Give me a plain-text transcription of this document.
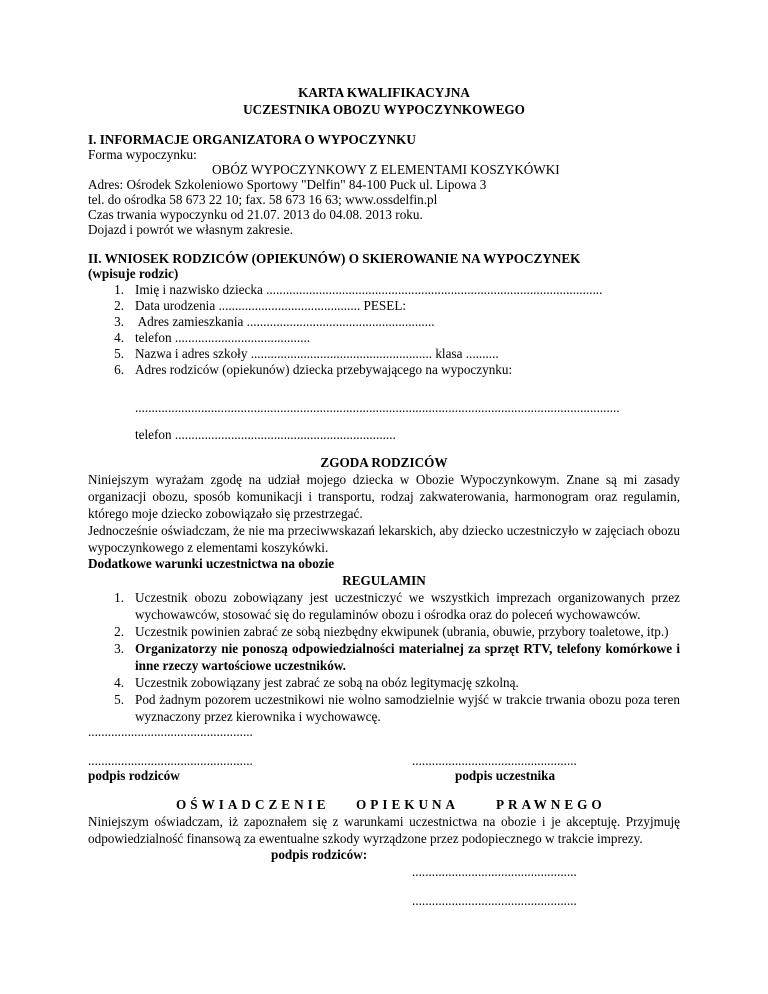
KARTA KWALIFIKACYJNA
UCZESTNIKA OBOZU WYPOCZYNKOWEGO
I. INFORMACJE ORGANIZATORA O WYPOCZYNKU
Forma wypoczynku:
OBÓZ WYPOCZYNKOWY Z ELEMENTAMI KOSZYKÓWKI
Adres: Ośrodek Szkoleniowo Sportowy "Delfin" 84-100 Puck ul. Lipowa 3
tel. do ośrodka 58 673 22 10; fax. 58 673 16 63; www.ossdelfin.pl
Czas trwania wypoczynku od 21.07. 2013 do 04.08. 2013 roku.
Dojazd i powrót we własnym zakresie.
II. WNIOSEK RODZICÓW (OPIEKUNÓW) O SKIEROWANIE NA WYPOCZYNEK
(wpisuje rodzic)
1. Imię i nazwisko dziecka ......................................................................................................
2. Data urodzenia ........................................... PESEL:
3. Adres zamieszkania .........................................................
4. telefon .........................................
5. Nazwa i adres szkoły ....................................................... klasa ..........
6. Adres rodziców (opiekunów) dziecka przebywającego na wypoczynku:
...................................................................................................................................................
telefon ...................................................................
ZGODA RODZICÓW
Niniejszym wyrażam zgodę na udział mojego dziecka w Obozie Wypoczynkowym. Znane są mi zasady organizacji obozu, sposób komunikacji i transportu, rodzaj zakwaterowania, harmonogram oraz regulamin, którego moje dziecko zobowiązało się przestrzegać.
Jednocześnie oświadczam, że nie ma przeciwwskazań lekarskich, aby dziecko uczestniczyło w zajęciach obozu wypoczynkowego z elementami koszykówki.
Dodatkowe warunki uczestnictwa na obozie
REGULAMIN
1. Uczestnik obozu zobowiązany jest uczestniczyć we wszystkich imprezach organizowanych przez wychowawców, stosować się do regulaminów obozu i ośrodka oraz do poleceń wychowawców.
2. Uczestnik powinien zabrać ze sobą niezbędny ekwipunek (ubrania, obuwie, przybory toaletowe, itp.)
3. Organizatorzy nie ponoszą odpowiedzialności materialnej za sprzęt RTV, telefony komórkowe i inne rzeczy wartościowe uczestników.
4. Uczestnik zobowiązany jest zabrać ze sobą na obóz legitymację szkolną.
5. Pod żadnym pozorem uczestnikowi nie wolno samodzielnie wyjść w trakcie trwania obozu poza teren wyznaczony przez kierownika i wychowawcę.
..................................................
..................................................	..................................................
podpis rodziców	podpis uczestnika
OŚWIADCZENIE OPIEKUNA	PRAWNEGO
Niniejszym oświadczam, iż zapoznałem się z warunkami uczestnictwa na obozie i je akceptuję. Przyjmuję odpowiedzialność finansową za ewentualne szkody wyrządzone przez podopiecznego w trakcie imprezy.
podpis rodziców:
..................................................
..................................................
